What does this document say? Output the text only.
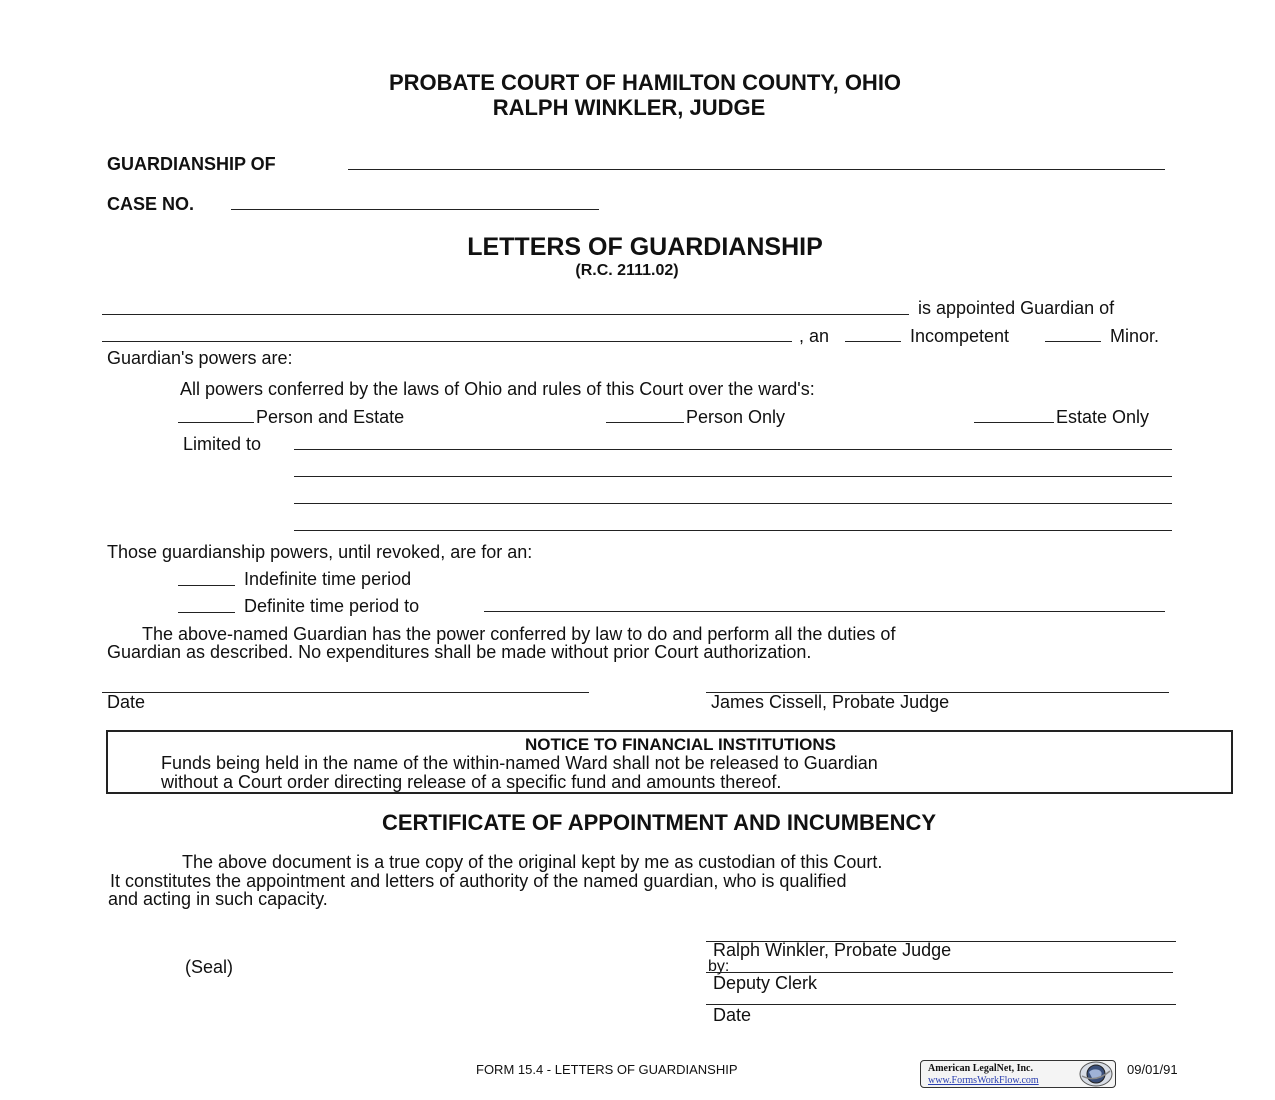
PROBATE COURT OF HAMILTON COUNTY, OHIO
RALPH WINKLER, JUDGE
GUARDIANSHIP OF
CASE NO.
LETTERS OF GUARDIANSHIP
(R.C. 2111.02)
is appointed Guardian of
, an	Incompetent	Minor.
Guardian's powers are:
All powers conferred by the laws of Ohio and rules of this Court over the ward's:
Person and Estate	Person Only	Estate Only
Limited to
Those guardianship powers, until revoked, are for an:
Indefinite time period
Definite time period to
The above-named Guardian has the power conferred by law to do and perform all the duties of
Guardian as described. No expenditures shall be made without prior Court authorization.
Date	James Cissell, Probate Judge
NOTICE TO FINANCIAL INSTITUTIONS
Funds being held in the name of the within-named Ward shall not be released to Guardian
without a Court order directing release of a specific fund and amounts thereof.
CERTIFICATE OF APPOINTMENT AND INCUMBENCY
The above document is a true copy of the original kept by me as custodian of this Court.
It constitutes the appointment and letters of authority of the named guardian, who is qualified
and acting in such capacity.
(Seal)
Ralph Winkler, Probate Judge
by:
Deputy Clerk
Date
FORM 15.4 - LETTERS OF GUARDIANSHIP	American LegalNet, Inc.
www.FormsWorkFlow.com
09/01/91
